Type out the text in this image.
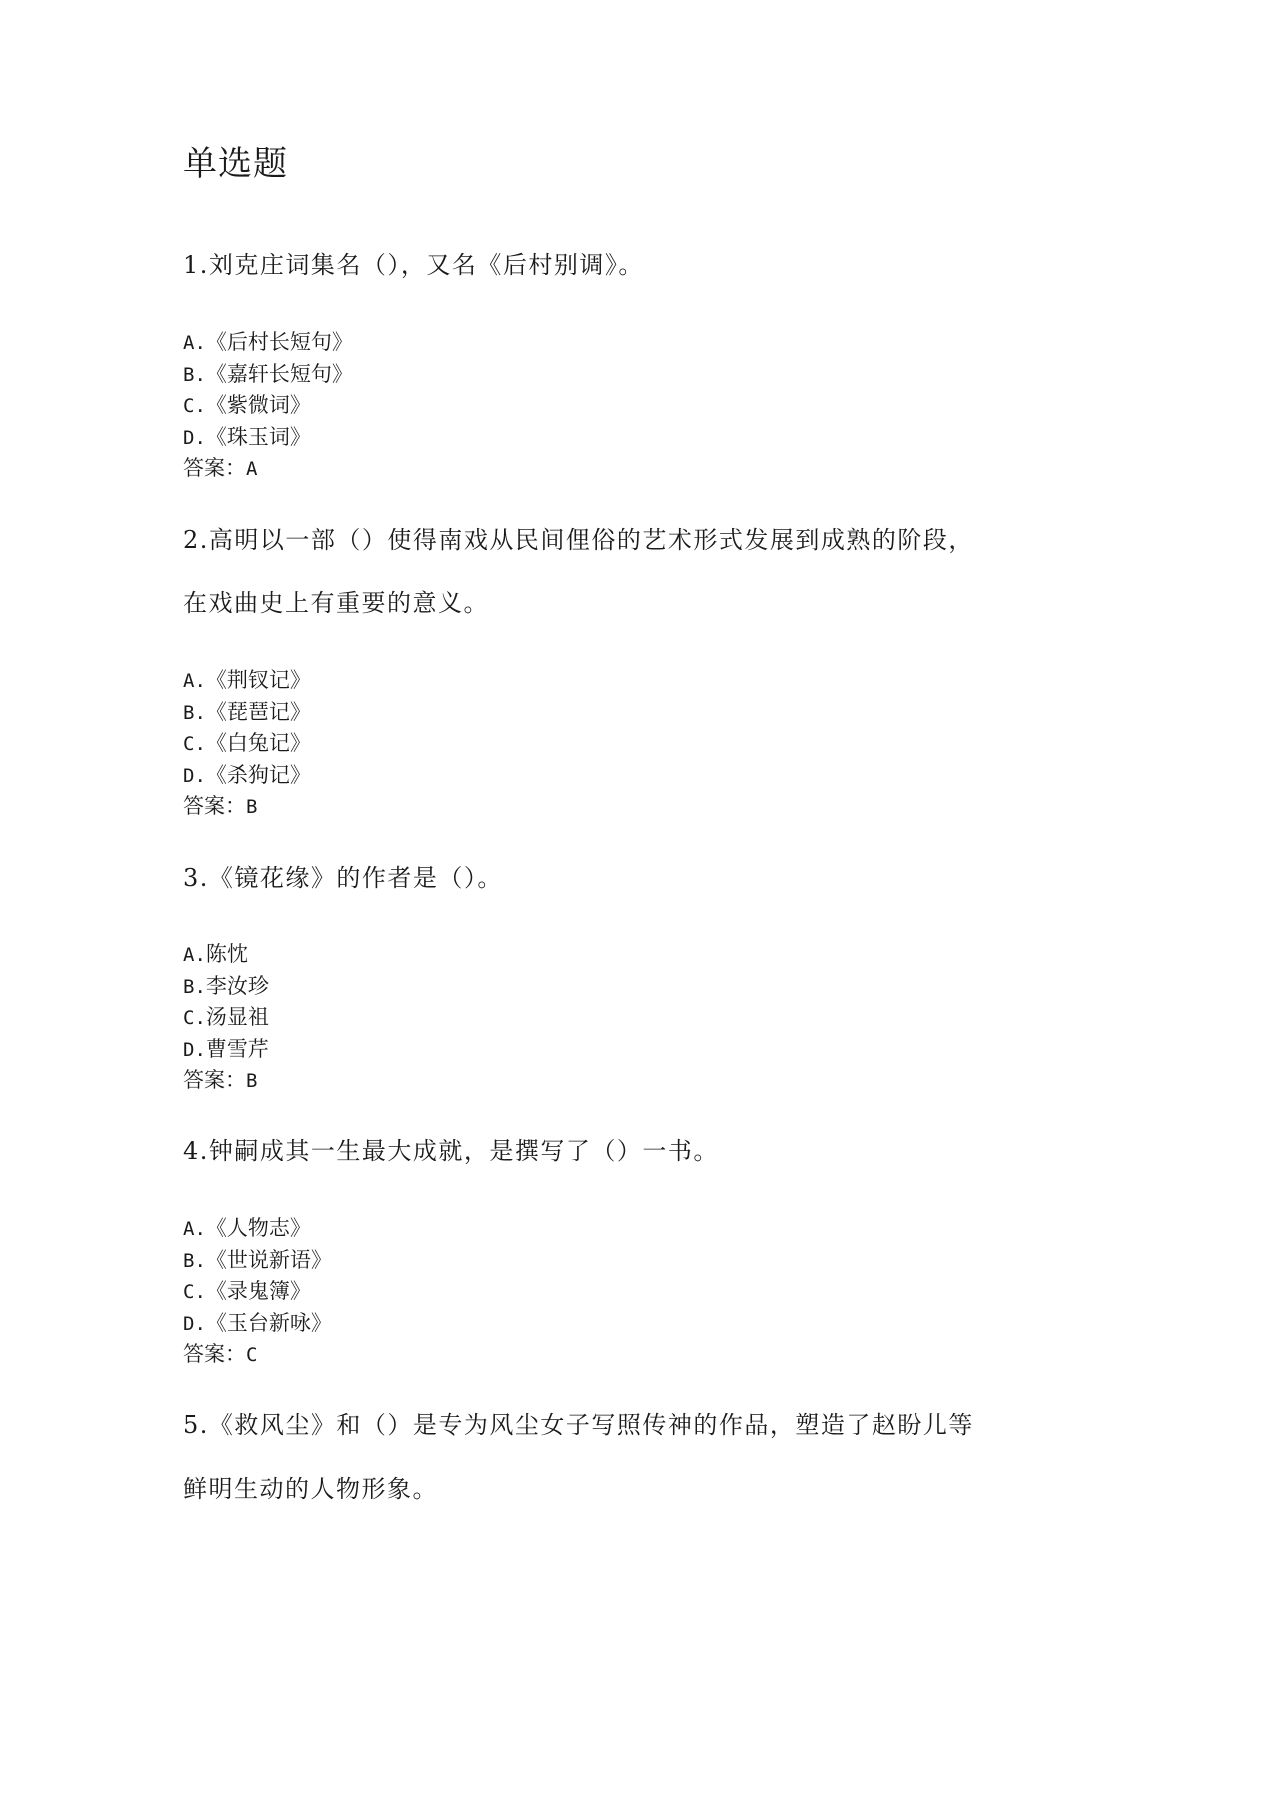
单选题

1.刘克庄词集名（），又名《后村别调》。

A.《后村长短句》
B.《嘉轩长短句》
C.《紫微词》
D.《珠玉词》
答案：A

2.高明以一部（）使得南戏从民间俚俗的艺术形式发展到成熟的阶段，

在戏曲史上有重要的意义。

A.《荆钗记》
B.《琵琶记》
C.《白兔记》
D.《杀狗记》
答案：B

3.《镜花缘》的作者是（）。

A.陈忱
B.李汝珍
C.汤显祖
D.曹雪芹
答案：B

4.钟嗣成其一生最大成就，是撰写了（）一书。

A.《人物志》
B.《世说新语》
C.《录鬼簿》
D.《玉台新咏》
答案：C

5.《救风尘》和（）是专为风尘女子写照传神的作品，塑造了赵盼儿等

鲜明生动的人物形象。
